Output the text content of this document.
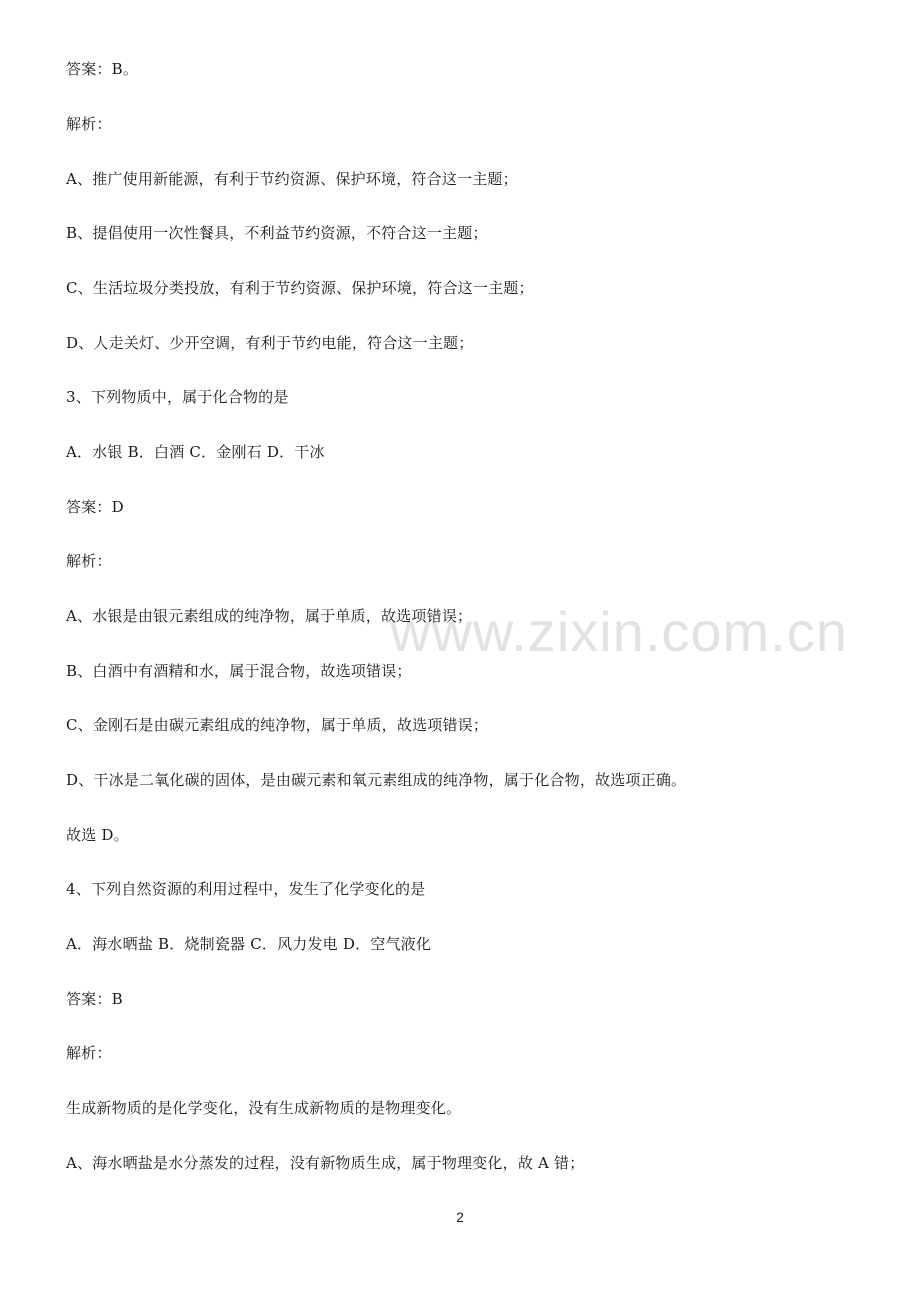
www.zixin.com.cn
答案：B。
解析：
A、推广使用新能源，有利于节约资源、保护环境，符合这一主题；
B、提倡使用一次性餐具，不利益节约资源，不符合这一主题；
C、生活垃圾分类投放，有利于节约资源、保护环境，符合这一主题；
D、人走关灯、少开空调，有利于节约电能，符合这一主题；
3、下列物质中，属于化合物的是
A．水银 B．白酒 C．金刚石 D．干冰
答案：D
解析：
A、水银是由银元素组成的纯净物，属于单质，故选项错误；
B、白酒中有酒精和水，属于混合物，故选项错误；
C、金刚石是由碳元素组成的纯净物，属于单质，故选项错误；
D、干冰是二氧化碳的固体，是由碳元素和氧元素组成的纯净物，属于化合物，故选项正确。
故选 D。
4、下列自然资源的利用过程中，发生了化学变化的是
A．海水晒盐 B．烧制瓷器 C．风力发电 D．空气液化
答案：B
解析：
生成新物质的是化学变化，没有生成新物质的是物理变化。
A、海水晒盐是水分蒸发的过程，没有新物质生成，属于物理变化，故 A 错；
2
